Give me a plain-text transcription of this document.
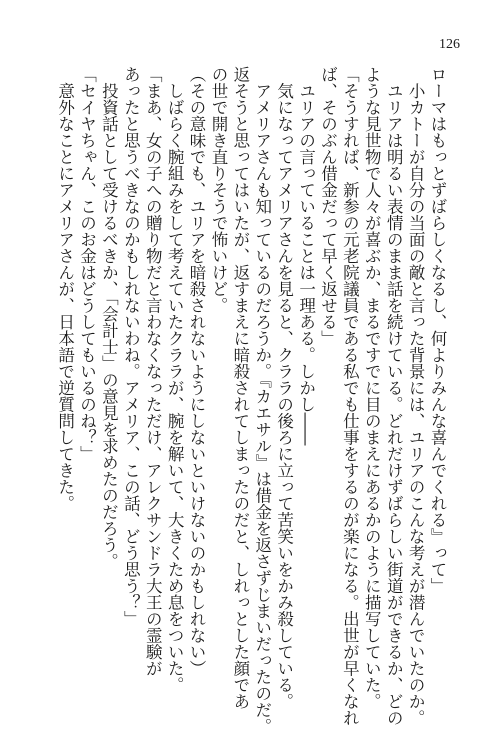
126
ローマはもっとずばらしくなるし、何よりみんな喜んでくれる』って」
　小カトーが自分の当面の敵と言った背景には、ユリアのこんな考えが潜んでいたのか。
　ユリアは明るい表情のまま話を続けている。どれだけずばらしい街道ができるか、どの
ような見世物で人々が喜ぶか、まるですでに目のまえにあるかのように描写していた。
「そうすれば、新参の元老院議員である私でも仕事をするのが楽になる。出世が早くなれ
ば、そのぶん借金だって早く返せる」
　ユリアの言っていることは一理ある。しかし――
　気になってアメリアさんを見ると、クララの後ろに立って苦笑いをかみ殺している。
　アメリアさんも知っているのだろうか。『カエサル』は借金を返さずじまいだったのだ。
返そうと思ってはいたが、返すまえに暗殺されてしまったのだと、しれっとした顔であ
の世で開き直りそうで怖いけど。
（その意味でも、ユリアを暗殺されないようにしないといけないのかもしれない）
　しばらく腕組みをして考えていたクララが、腕を解いて、大きくため息をついた。
「まあ、女の子への贈り物だと言わなくなっただけ、アレクサンドラ大王の霊験が
あったと思うべきなのかもしれないわね。アメリア、この話、どう思う？」
　投資話として受けるべきか、「会計士」の意見を求めたのだろう。
「セイヤちゃん、このお金はどうしてもいるのね？」
　意外なことにアメリアさんが、日本語で逆質問してきた。
